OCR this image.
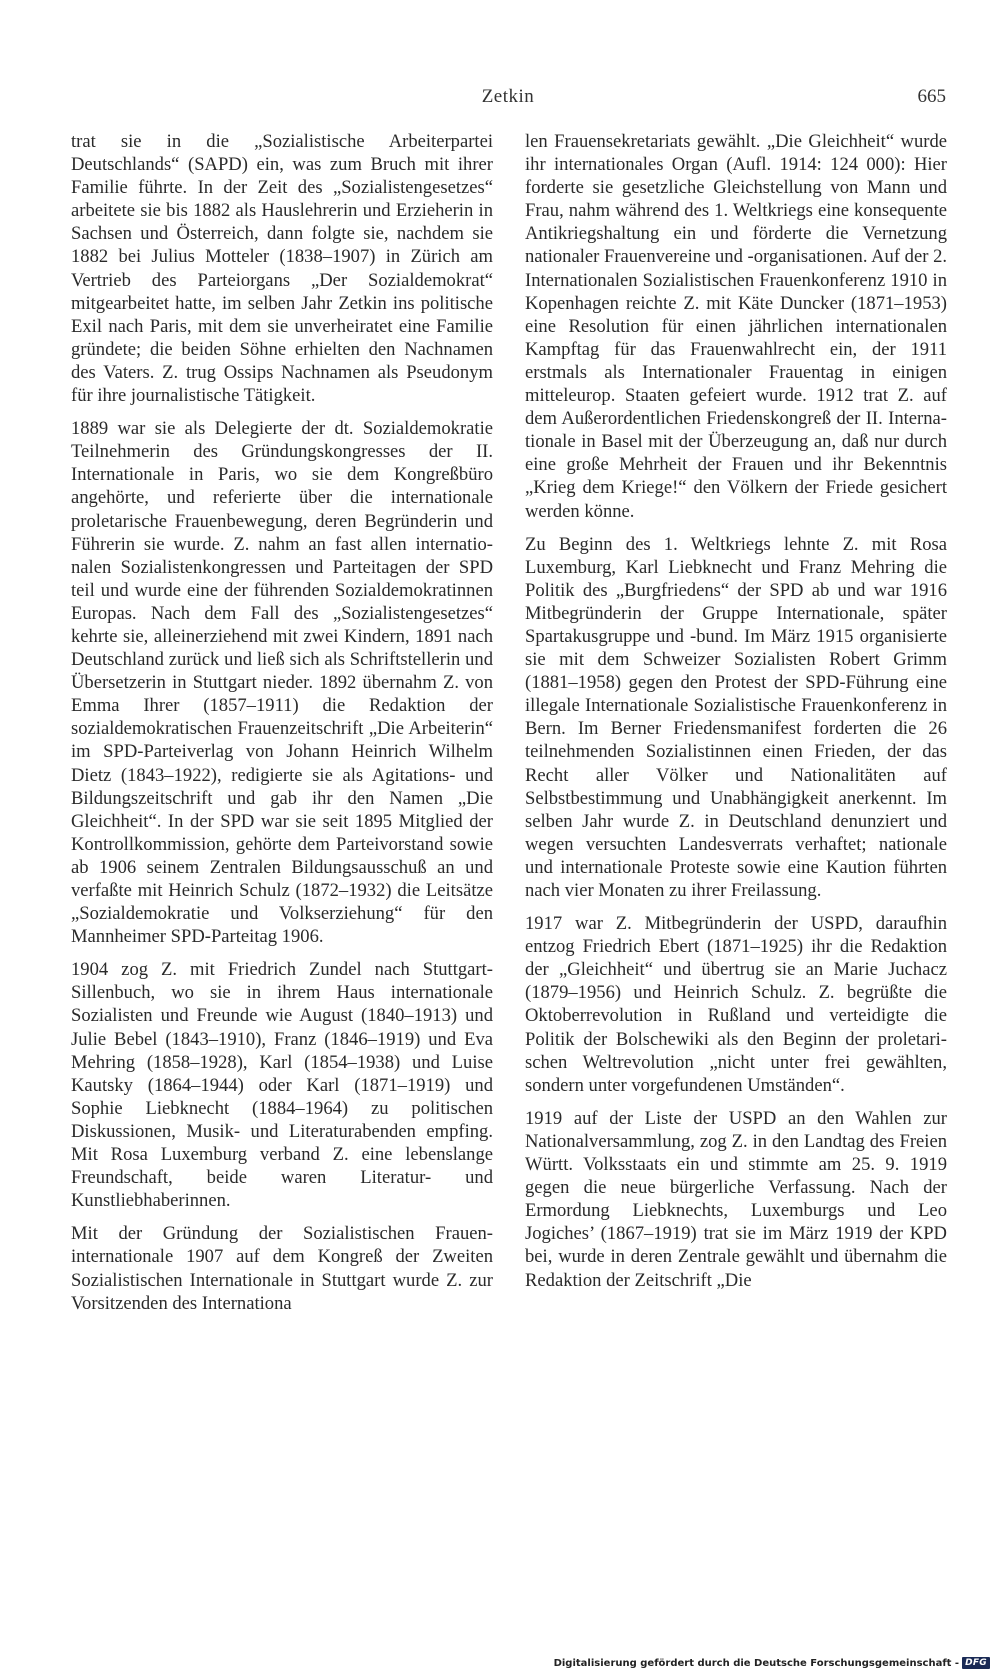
Zetkin	665

trat sie in die „Sozialistische Arbeiterpartei Deutschlands“ (SAPD) ein, was zum Bruch mit ihrer Familie führte. In der Zeit des „Sozialistengesetzes“ arbeitete sie bis 1882 als Hauslehrerin und Erzieherin in Sachsen und Österreich, dann folgte sie, nachdem sie 1882 bei Julius Motteler (1838–1907) in Zürich am Vertrieb des Parteiorgans „Der Sozialdemokrat“ mitgearbeitet hatte, im selben Jahr Zetkin ins politische Exil nach Paris, mit dem sie unverheiratet eine Familie gründete; die beiden Söhne erhielten den Nachnamen des Vaters. Z. trug Ossips Nachnamen als Pseudonym für ihre journalistische Tätigkeit.

1889 war sie als Delegierte der dt. Sozialdemokratie Teilnehmerin des Gründungskongresses der II. Internationale in Paris, wo sie dem Kongreßbüro angehörte, und referierte über die internationale proletarische Frauenbewegung, deren Begründerin und Führerin sie wurde. Z. nahm an fast allen internationalen Sozialistenkongressen und Parteitagen der SPD teil und wurde eine der führenden Sozialdemokratinnen Europas. Nach dem Fall des „Sozialistengesetzes“ kehrte sie, alleinerziehend mit zwei Kindern, 1891 nach Deutschland zurück und ließ sich als Schriftstellerin und Übersetzerin in Stuttgart nieder. 1892 übernahm Z. von Emma Ihrer (1857–1911) die Redaktion der sozialdemokratischen Frauenzeitschrift „Die Arbeiterin“ im SPD-Parteiverlag von Johann Heinrich Wilhelm Dietz (1843–1922), redigierte sie als Agitations- und Bildungszeitschrift und gab ihr den Namen „Die Gleichheit“. In der SPD war sie seit 1895 Mitglied der Kontrollkommission, gehörte dem Parteivorstand sowie ab 1906 seinem Zentralen Bildungsausschuß an und verfaßte mit Heinrich Schulz (1872–1932) die Leitsätze „Sozialdemokratie und Volkserziehung“ für den Mannheimer SPD-Parteitag 1906.

1904 zog Z. mit Friedrich Zundel nach Stuttgart-Sillenbuch, wo sie in ihrem Haus internationale Sozialisten und Freunde wie August (1840–1913) und Julie Bebel (1843–1910), Franz (1846–1919) und Eva Mehring (1858–1928), Karl (1854–1938) und Luise Kautsky (1864–1944) oder Karl (1871–1919) und Sophie Liebknecht (1884–1964) zu politischen Diskussionen, Musik- und Literaturabenden empfing. Mit Rosa Luxemburg verband Z. eine lebenslange Freundschaft, beide waren Literatur- und Kunstliebhaberinnen.

Mit der Gründung der Sozialistischen Fraueninternationale 1907 auf dem Kongreß der Zweiten Sozialistischen Internationale in Stuttgart wurde Z. zur Vorsitzenden des Internationa

len Frauensekretariats gewählt. „Die Gleichheit“ wurde ihr internationales Organ (Aufl. 1914: 124 000): Hier forderte sie gesetzliche Gleichstellung von Mann und Frau, nahm während des 1. Weltkriegs eine konsequente Antikriegshaltung ein und förderte die Vernetzung nationaler Frauenvereine und -organisationen. Auf der 2. Internationalen Sozialistischen Frauenkonferenz 1910 in Kopenhagen reichte Z. mit Käte Duncker (1871–1953) eine Resolution für einen jährlichen internationalen Kampftag für das Frauenwahlrecht ein, der 1911 erstmals als Internationaler Frauentag in einigen mitteleurop. Staaten gefeiert wurde. 1912 trat Z. auf dem Außerordentlichen Friedenskongreß der II. Internationale in Basel mit der Überzeugung an, daß nur durch eine große Mehrheit der Frauen und ihr Bekenntnis „Krieg dem Kriege!“ den Völkern der Friede gesichert werden könne.

Zu Beginn des 1. Weltkriegs lehnte Z. mit Rosa Luxemburg, Karl Liebknecht und Franz Mehring die Politik des „Burgfriedens“ der SPD ab und war 1916 Mitbegründerin der Gruppe Internationale, später Spartakusgruppe und -bund. Im März 1915 organisierte sie mit dem Schweizer Sozialisten Robert Grimm (1881–1958) gegen den Protest der SPD-Führung eine illegale Internationale Sozialistische Frauenkonferenz in Bern. Im Berner Friedensmanifest forderten die 26 teilnehmenden Sozialistinnen einen Frieden, der das Recht aller Völker und Nationalitäten auf Selbstbestimmung und Unabhängigkeit anerkennt. Im selben Jahr wurde Z. in Deutschland denunziert und wegen versuchten Landesverrats verhaftet; nationale und internationale Proteste sowie eine Kaution führten nach vier Monaten zu ihrer Freilassung.

1917 war Z. Mitbegründerin der USPD, daraufhin entzog Friedrich Ebert (1871–1925) ihr die Redaktion der „Gleichheit“ und übertrug sie an Marie Juchacz (1879–1956) und Heinrich Schulz. Z. begrüßte die Oktoberrevolution in Rußland und verteidigte die Politik der Bolschewiki als den Beginn der proletarischen Weltrevolution „nicht unter frei gewählten, sondern unter vorgefundenen Umständen“.

1919 auf der Liste der USPD an den Wahlen zur Nationalversammlung, zog Z. in den Landtag des Freien Württ. Volksstaats ein und stimmte am 25. 9. 1919 gegen die neue bürgerliche Verfassung. Nach der Ermordung Liebknechts, Luxemburgs und Leo Jogiches’ (1867–1919) trat sie im März 1919 der KPD bei, wurde in deren Zentrale gewählt und übernahm die Redaktion der Zeitschrift „Die

Digitalisierung gefördert durch die Deutsche Forschungsgemeinschaft - DFG
